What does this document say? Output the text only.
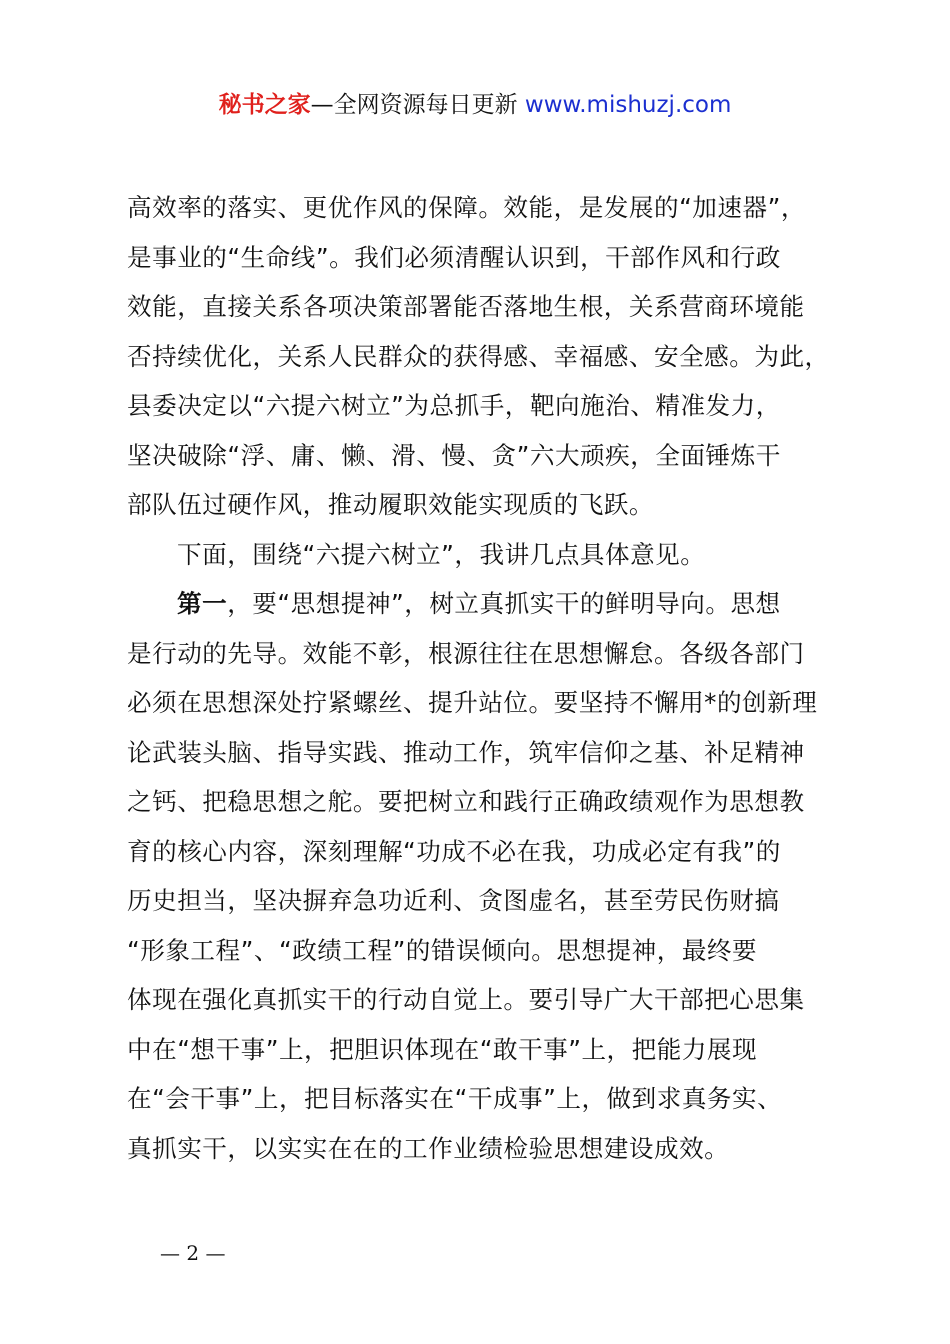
秘书之家—全网资源每日更新 www.mishuzj.com
高效率的落实、更优作风的保障。效能，是发展的“加速器”，
是事业的“生命线”。我们必须清醒认识到，干部作风和行政
效能，直接关系各项决策部署能否落地生根，关系营商环境能
否持续优化，关系人民群众的获得感、幸福感、安全感。为此，
县委决定以“六提六树立”为总抓手，靶向施治、精准发力，
坚决破除“浮、庸、懒、滑、慢、贪”六大顽疾，全面锤炼干
部队伍过硬作风，推动履职效能实现质的飞跃。
下面，围绕“六提六树立”，我讲几点具体意见。
第一，要“思想提神”，树立真抓实干的鲜明导向。思想
是行动的先导。效能不彰，根源往往在思想懈怠。各级各部门
必须在思想深处拧紧螺丝、提升站位。要坚持不懈用*的创新理
论武装头脑、指导实践、推动工作，筑牢信仰之基、补足精神
之钙、把稳思想之舵。要把树立和践行正确政绩观作为思想教
育的核心内容，深刻理解“功成不必在我，功成必定有我”的
历史担当，坚决摒弃急功近利、贪图虚名，甚至劳民伤财搞
“形象工程”、“政绩工程”的错误倾向。思想提神，最终要
体现在强化真抓实干的行动自觉上。要引导广大干部把心思集
中在“想干事”上，把胆识体现在“敢干事”上，把能力展现
在“会干事”上，把目标落实在“干成事”上，做到求真务实、
真抓实干，以实实在在的工作业绩检验思想建设成效。
— 2 —
